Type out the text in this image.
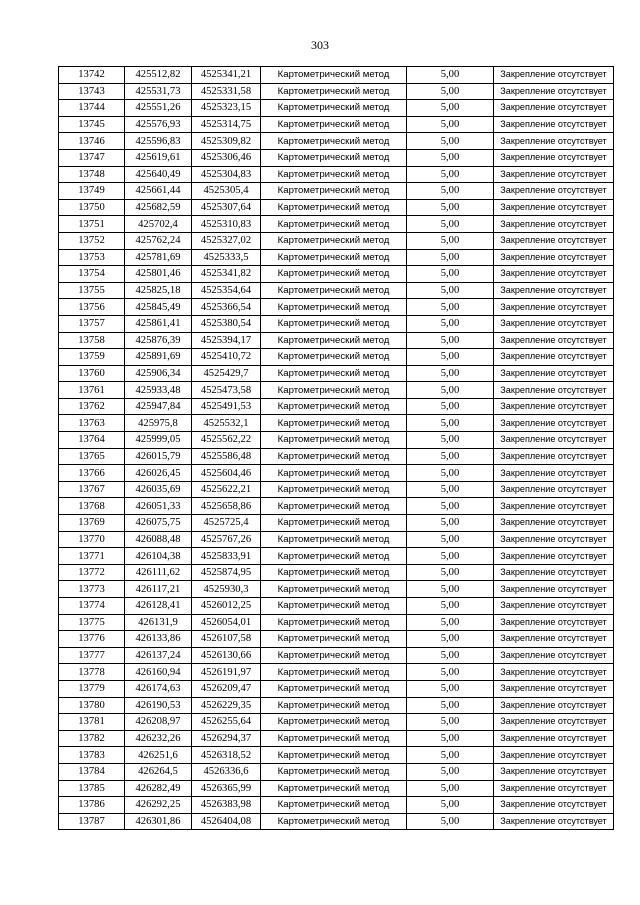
303
13742	425512,82	4525341,21	Картометрический метод	5,00	Закрепление отсутствует
13743	425531,73	4525331,58	Картометрический метод	5,00	Закрепление отсутствует
13744	425551,26	4525323,15	Картометрический метод	5,00	Закрепление отсутствует
13745	425576,93	4525314,75	Картометрический метод	5,00	Закрепление отсутствует
13746	425596,83	4525309,82	Картометрический метод	5,00	Закрепление отсутствует
13747	425619,61	4525306,46	Картометрический метод	5,00	Закрепление отсутствует
13748	425640,49	4525304,83	Картометрический метод	5,00	Закрепление отсутствует
13749	425661,44	4525305,4	Картометрический метод	5,00	Закрепление отсутствует
13750	425682,59	4525307,64	Картометрический метод	5,00	Закрепление отсутствует
13751	425702,4	4525310,83	Картометрический метод	5,00	Закрепление отсутствует
13752	425762,24	4525327,02	Картометрический метод	5,00	Закрепление отсутствует
13753	425781,69	4525333,5	Картометрический метод	5,00	Закрепление отсутствует
13754	425801,46	4525341,82	Картометрический метод	5,00	Закрепление отсутствует
13755	425825,18	4525354,64	Картометрический метод	5,00	Закрепление отсутствует
13756	425845,49	4525366,54	Картометрический метод	5,00	Закрепление отсутствует
13757	425861,41	4525380,54	Картометрический метод	5,00	Закрепление отсутствует
13758	425876,39	4525394,17	Картометрический метод	5,00	Закрепление отсутствует
13759	425891,69	4525410,72	Картометрический метод	5,00	Закрепление отсутствует
13760	425906,34	4525429,7	Картометрический метод	5,00	Закрепление отсутствует
13761	425933,48	4525473,58	Картометрический метод	5,00	Закрепление отсутствует
13762	425947,84	4525491,53	Картометрический метод	5,00	Закрепление отсутствует
13763	425975,8	4525532,1	Картометрический метод	5,00	Закрепление отсутствует
13764	425999,05	4525562,22	Картометрический метод	5,00	Закрепление отсутствует
13765	426015,79	4525586,48	Картометрический метод	5,00	Закрепление отсутствует
13766	426026,45	4525604,46	Картометрический метод	5,00	Закрепление отсутствует
13767	426035,69	4525622,21	Картометрический метод	5,00	Закрепление отсутствует
13768	426051,33	4525658,86	Картометрический метод	5,00	Закрепление отсутствует
13769	426075,75	4525725,4	Картометрический метод	5,00	Закрепление отсутствует
13770	426088,48	4525767,26	Картометрический метод	5,00	Закрепление отсутствует
13771	426104,38	4525833,91	Картометрический метод	5,00	Закрепление отсутствует
13772	426111,62	4525874,95	Картометрический метод	5,00	Закрепление отсутствует
13773	426117,21	4525930,3	Картометрический метод	5,00	Закрепление отсутствует
13774	426128,41	4526012,25	Картометрический метод	5,00	Закрепление отсутствует
13775	426131,9	4526054,01	Картометрический метод	5,00	Закрепление отсутствует
13776	426133,86	4526107,58	Картометрический метод	5,00	Закрепление отсутствует
13777	426137,24	4526130,66	Картометрический метод	5,00	Закрепление отсутствует
13778	426160,94	4526191,97	Картометрический метод	5,00	Закрепление отсутствует
13779	426174,63	4526209,47	Картометрический метод	5,00	Закрепление отсутствует
13780	426190,53	4526229,35	Картометрический метод	5,00	Закрепление отсутствует
13781	426208,97	4526255,64	Картометрический метод	5,00	Закрепление отсутствует
13782	426232,26	4526294,37	Картометрический метод	5,00	Закрепление отсутствует
13783	426251,6	4526318,52	Картометрический метод	5,00	Закрепление отсутствует
13784	426264,5	4526336,6	Картометрический метод	5,00	Закрепление отсутствует
13785	426282,49	4526365,99	Картометрический метод	5,00	Закрепление отсутствует
13786	426292,25	4526383,98	Картометрический метод	5,00	Закрепление отсутствует
13787	426301,86	4526404,08	Картометрический метод	5,00	Закрепление отсутствует
